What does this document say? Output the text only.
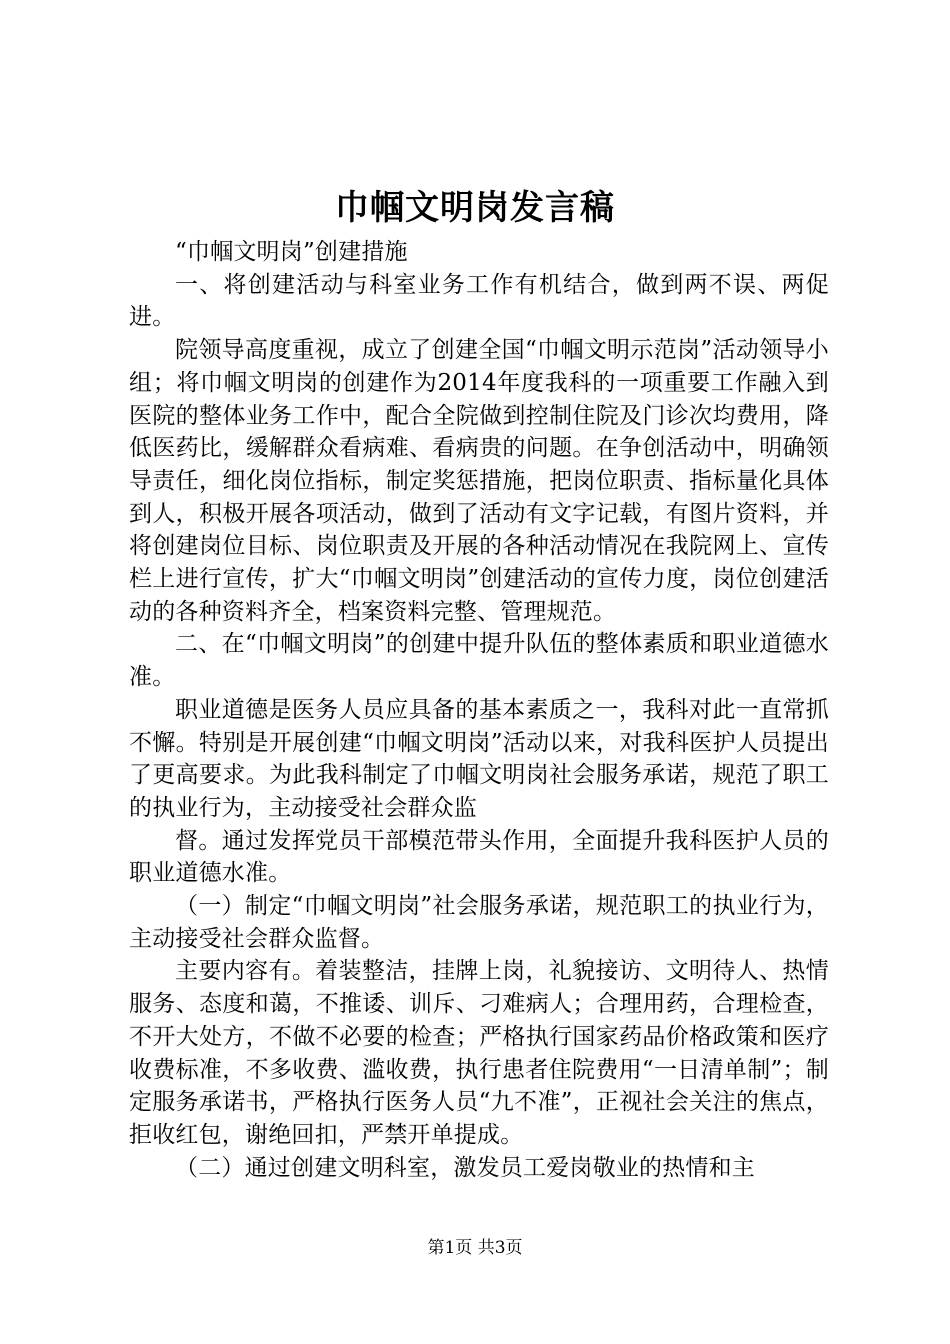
巾帼文明岗发言稿

“巾帼文明岗”创建措施

一、将创建活动与科室业务工作有机结合，做到两不误、两促进。

院领导高度重视，成立了创建全国“巾帼文明示范岗”活动领导小组；将巾帼文明岗的创建作为2014年度我科的一项重要工作融入到医院的整体业务工作中，配合全院做到控制住院及门诊次均费用，降低医药比，缓解群众看病难、看病贵的问题。在争创活动中，明确领导责任，细化岗位指标，制定奖惩措施，把岗位职责、指标量化具体到人，积极开展各项活动，做到了活动有文字记载，有图片资料，并将创建岗位目标、岗位职责及开展的各种活动情况在我院网上、宣传栏上进行宣传，扩大“巾帼文明岗”创建活动的宣传力度，岗位创建活动的各种资料齐全，档案资料完整、管理规范。

二、在“巾帼文明岗”的创建中提升队伍的整体素质和职业道德水准。

职业道德是医务人员应具备的基本素质之一，我科对此一直常抓不懈。特别是开展创建“巾帼文明岗”活动以来，对我科医护人员提出了更高要求。为此我科制定了巾帼文明岗社会服务承诺，规范了职工的执业行为，主动接受社会群众监

督。通过发挥党员干部模范带头作用，全面提升我科医护人员的职业道德水准。

（一）制定“巾帼文明岗”社会服务承诺，规范职工的执业行为，主动接受社会群众监督。

主要内容有。着装整洁，挂牌上岗，礼貌接访、文明待人、热情服务、态度和蔼，不推诿、训斥、刁难病人；合理用药，合理检查，不开大处方，不做不必要的检查；严格执行国家药品价格政策和医疗收费标准，不多收费、滥收费，执行患者住院费用“一日清单制”；制定服务承诺书，严格执行医务人员“九不准”，正视社会关注的焦点，拒收红包，谢绝回扣，严禁开单提成。

（二）通过创建文明科室，激发员工爱岗敬业的热情和主

第1页 共3页
